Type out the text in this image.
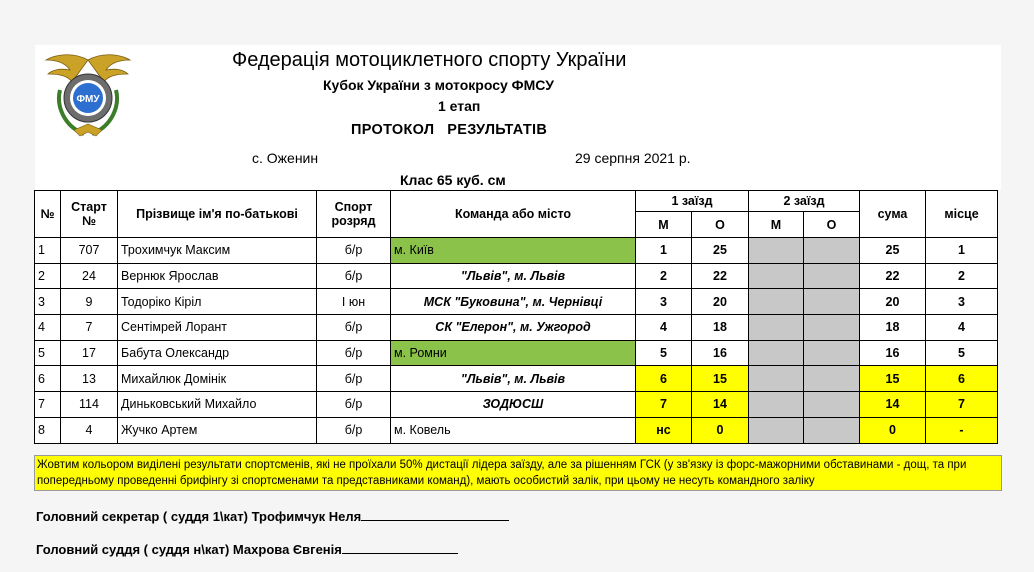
ФМУ
Федерація мотоциклетного спорту України
Кубок України з мотокросу ФМСУ
1 етап
ПРОТОКОЛ   РЕЗУЛЬТАТІВ
с. Оженин	29 серпня 2021 р.
Клас 65 куб. см
№	Старт №	Прізвище ім'я по-батькові	Спорт розряд	Команда або місто	1 заїзд		2 заїзд		сума	місце
					М	О	М	О		
1	707	Трохимчук Максим	б/р	м. Київ	1	25			25	1
2	24	Вернюк Ярослав	б/р	"Львів", м. Львів	2	22			22	2
3	9	Тодоріко Кіріл	І юн	МСК "Буковина", м. Чернівці	3	20			20	3
4	7	Сентімрей Лорант	б/р	СК "Елерон", м. Ужгород	4	18			18	4
5	17	Бабута Олександр	б/р	м. Ромни	5	16			16	5
6	13	Михайлюк Домінік	б/р	"Львів", м. Львів	6	15			15	6
7	114	Диньковський Михайло	б/р	ЗОДЮСШ	7	14			14	7
8	4	Жучко Артем	б/р	м. Ковель	нс	0			0	-
Жовтим кольором виділені результати спортсменів, які не проїхали 50% дистації лідера заїзду, але за рішенням ГСК (у зв'язку із форс-мажорними обставинами - дощ, та при попередньому проведенні брифінгу зі спортсменами та представниками команд), мають особистий залік, при цьому не несуть командного заліку
Головний секретар ( суддя 1\кат) Трофимчук Неля
Головний суддя ( суддя н\кат) Махрова Євгенія
